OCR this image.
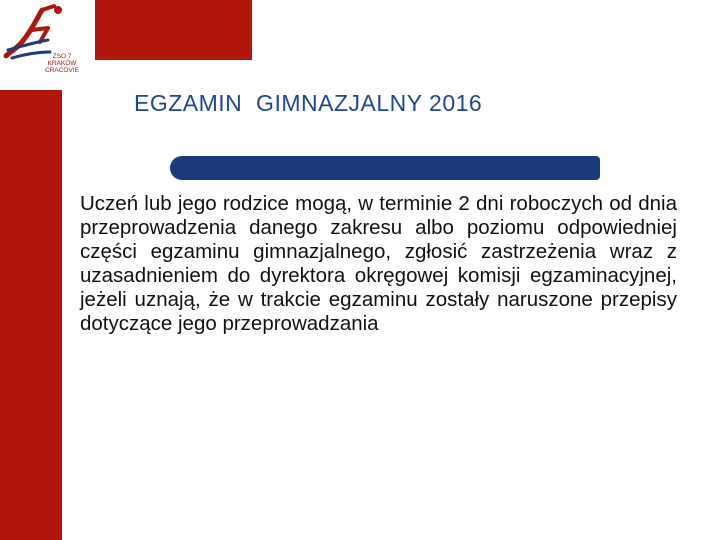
ZSO 7
KRAKÓW
CRACOVIE
EGZAMIN  GIMNAZJALNY 2016
Uczeń lub jego rodzice mogą, w terminie 2 dni roboczych od dnia przeprowadzenia danego zakresu albo poziomu odpowiedniej części egzaminu gimnazjalnego, zgłosić zastrzeżenia wraz z uzasadnieniem do dyrektora okręgowej komisji egzaminacyjnej, jeżeli uznają, że w trakcie egzaminu zostały naruszone przepisy dotyczące jego przeprowadzania
